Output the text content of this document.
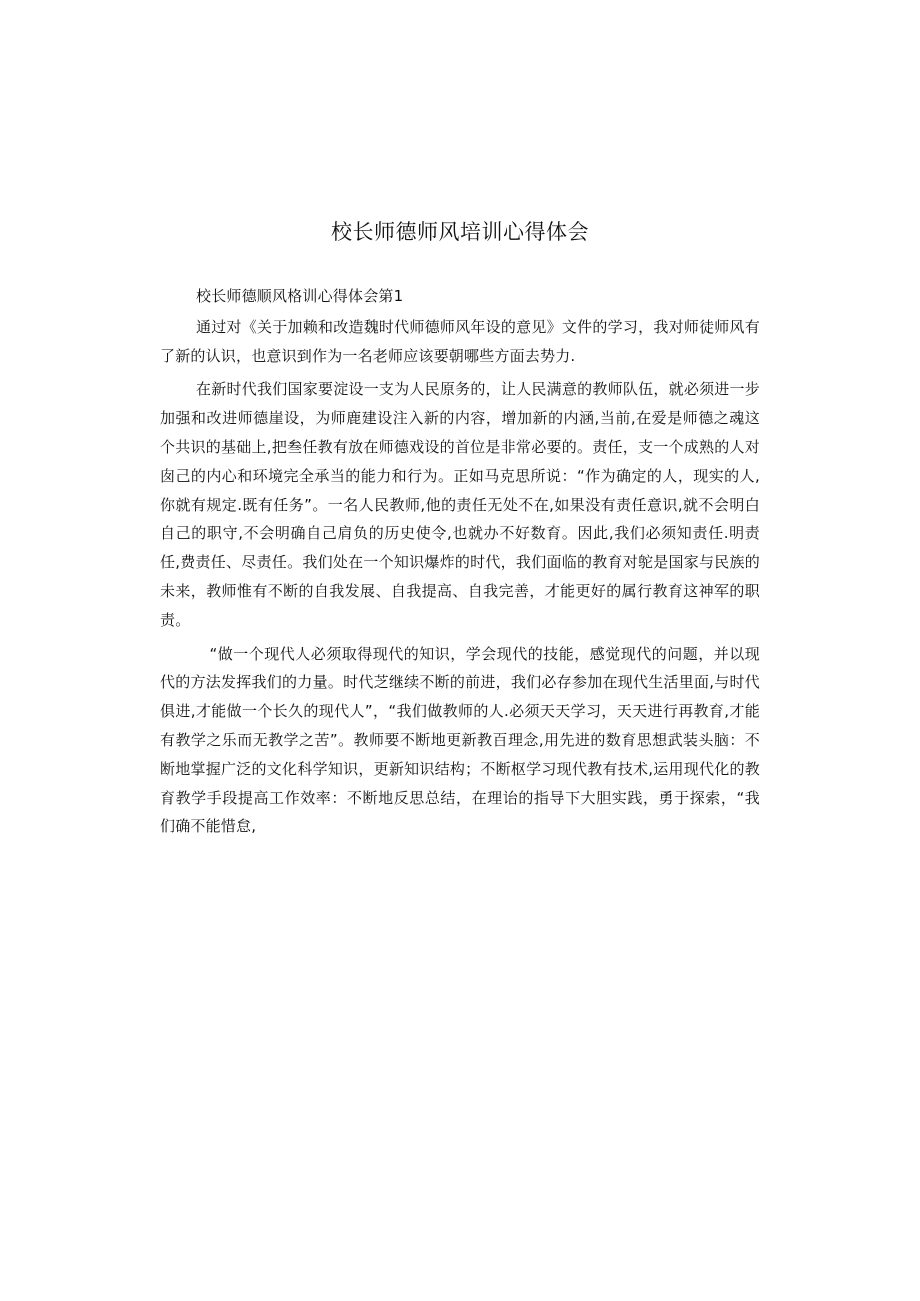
校长师德师风培训心得体会

校长师德顺风格训心得体会第1

通过对《关于加赖和改造魏时代师德师风年设的意见》文件的学习，我对师徒师风有了新的认识，也意识到作为一名老师应该要朝哪些方面去势力.

在新时代我们国家要淀设一支为人民原务的，让人民满意的教师队伍，就必须进一步加强和改进师德崖设，为师鹿建设注入新的内容，增加新的内涵,当前,在爱是师德之魂这个共识的基础上,把叁任教有放在师德戏设的首位是非常必要的。责任，支一个成熟的人对囱己的内心和环境完全承当的能力和行为。正如马克思所说：“作为确定的人，现实的人,你就有规定.既有任务”。一名人民教师,他的责任无处不在,如果没有责任意识,就不会明白自己的职守,不会明确自己肩负的历史使令,也就办不好数育。因此,我们必须知责任.明责任,费责任、尽责任。我们处在一个知识爆炸的时代，我们面临的教育对鸵是国家与民族的未来，教师惟有不断的自我发展、自我提高、自我完善，才能更好的属行教育这神军的职责。

“做一个现代人必须取得现代的知识，学会现代的技能，感觉现代的问题，并以现代的方法发挥我们的力量。时代芝继续不断的前进，我们必存参加在现代生活里面,与时代俱进,才能做一个长久的现代人”，“我们做教师的人.必须天天学习，天天进行再教育,才能有教学之乐而无教学之苦”。教师要不断地更新教百理念,用先进的数育思想武装头脑：不断地掌握广泛的文化科学知识，更新知识结构；不断枢学习现代教有技术,运用现代化的教育教学手段提高工作效率：不断地反思总结，在理诒的指导下大胆实践，勇于探索，“我们确不能惜怠,
